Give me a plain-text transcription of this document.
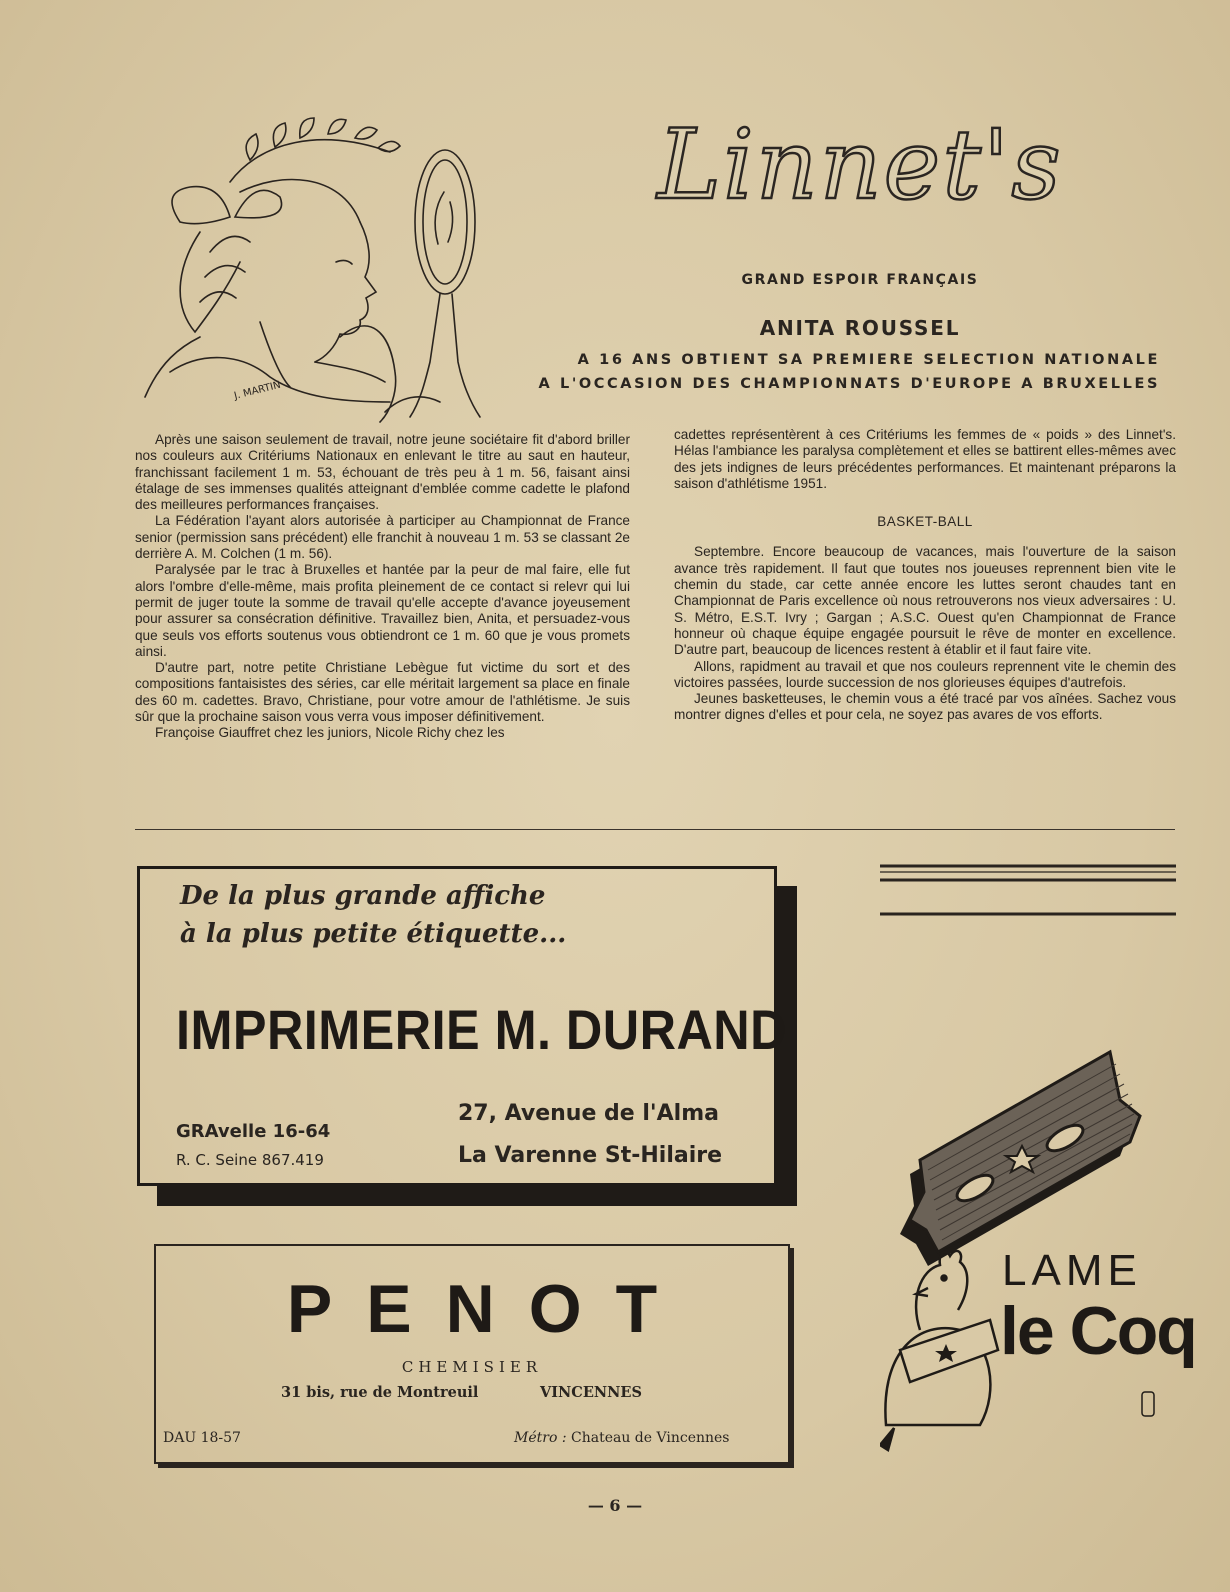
J. MARTIN
Linnet's
GRAND ESPOIR FRANÇAIS
ANITA ROUSSEL
A 16 ANS OBTIENT SA PREMIERE SELECTION NATIONALE
A L'OCCASION DES CHAMPIONNATS D'EUROPE A BRUXELLES

Après une saison seulement de travail, notre jeune sociétaire fit d'abord briller nos couleurs aux Critériums Nationaux en enlevant le titre au saut en hauteur, franchissant facilement 1 m. 53, échouant de très peu à 1 m. 56, faisant ainsi étalage de ses immenses qualités atteignant d'emblée comme cadette le plafond des meilleures performances françaises.

La Fédération l'ayant alors autorisée à participer au Championnat de France senior (permission sans précédent) elle franchit à nouveau 1 m. 53 se classant 2e derrière A. M. Colchen (1 m. 56).

Paralysée par le trac à Bruxelles et hantée par la peur de mal faire, elle fut alors l'ombre d'elle-même, mais profita pleinement de ce contact si relevr qui lui permit de juger toute la somme de travail qu'elle accepte d'avance joyeusement pour assurer sa consécration définitive. Travaillez bien, Anita, et persuadez-vous que seuls vos efforts soutenus vous obtiendront ce 1 m. 60 que je vous promets ainsi.

D'autre part, notre petite Christiane Lebègue fut victime du sort et des compositions fantaisistes des séries, car elle méritait largement sa place en finale des 60 m. cadettes. Bravo, Christiane, pour votre amour de l'athlétisme. Je suis sûr que la prochaine saison vous verra vous imposer définitivement.

Françoise Giauffret chez les juniors, Nicole Richy chez les

cadettes représentèrent à ces Critériums les femmes de « poids » des Linnet's. Hélas l'ambiance les paralysa complètement et elles se battirent elles-mêmes avec des jets indignes de leurs précédentes performances. Et maintenant préparons la saison d'athlétisme 1951.

BASKET-BALL

Septembre. Encore beaucoup de vacances, mais l'ouverture de la saison avance très rapidement. Il faut que toutes nos joueuses reprennent bien vite le chemin du stade, car cette année encore les luttes seront chaudes tant en Championnat de Paris excellence où nous retrouverons nos vieux adversaires : U. S. Métro, E.S.T. Ivry ; Gargan ; A.S.C. Ouest qu'en Championnat de France honneur où chaque équipe engagée poursuit le rêve de monter en excellence. D'autre part, beaucoup de licences restent à établir et il faut faire vite.

Allons, rapidment au travail et que nos couleurs reprennent vite le chemin des victoires passées, lourde succession de nos glorieuses équipes d'autrefois.

Jeunes basketteuses, le chemin vous a été tracé par vos aînées. Sachez vous montrer dignes d'elles et pour cela, ne soyez pas avares de vos efforts.

De la plus grande affiche
à la plus petite étiquette...
IMPRIMERIE M. DURAND
GRAvelle 16-64
R. C. Seine 867.419
27, Avenue de l'Alma
La Varenne St-Hilaire
PENOT
CHEMISIER
31 bis, rue de Montreuil	VINCENNES
DAU 18-57	Métro : Chateau de Vincennes
LAME
le Coq
— 6 —
